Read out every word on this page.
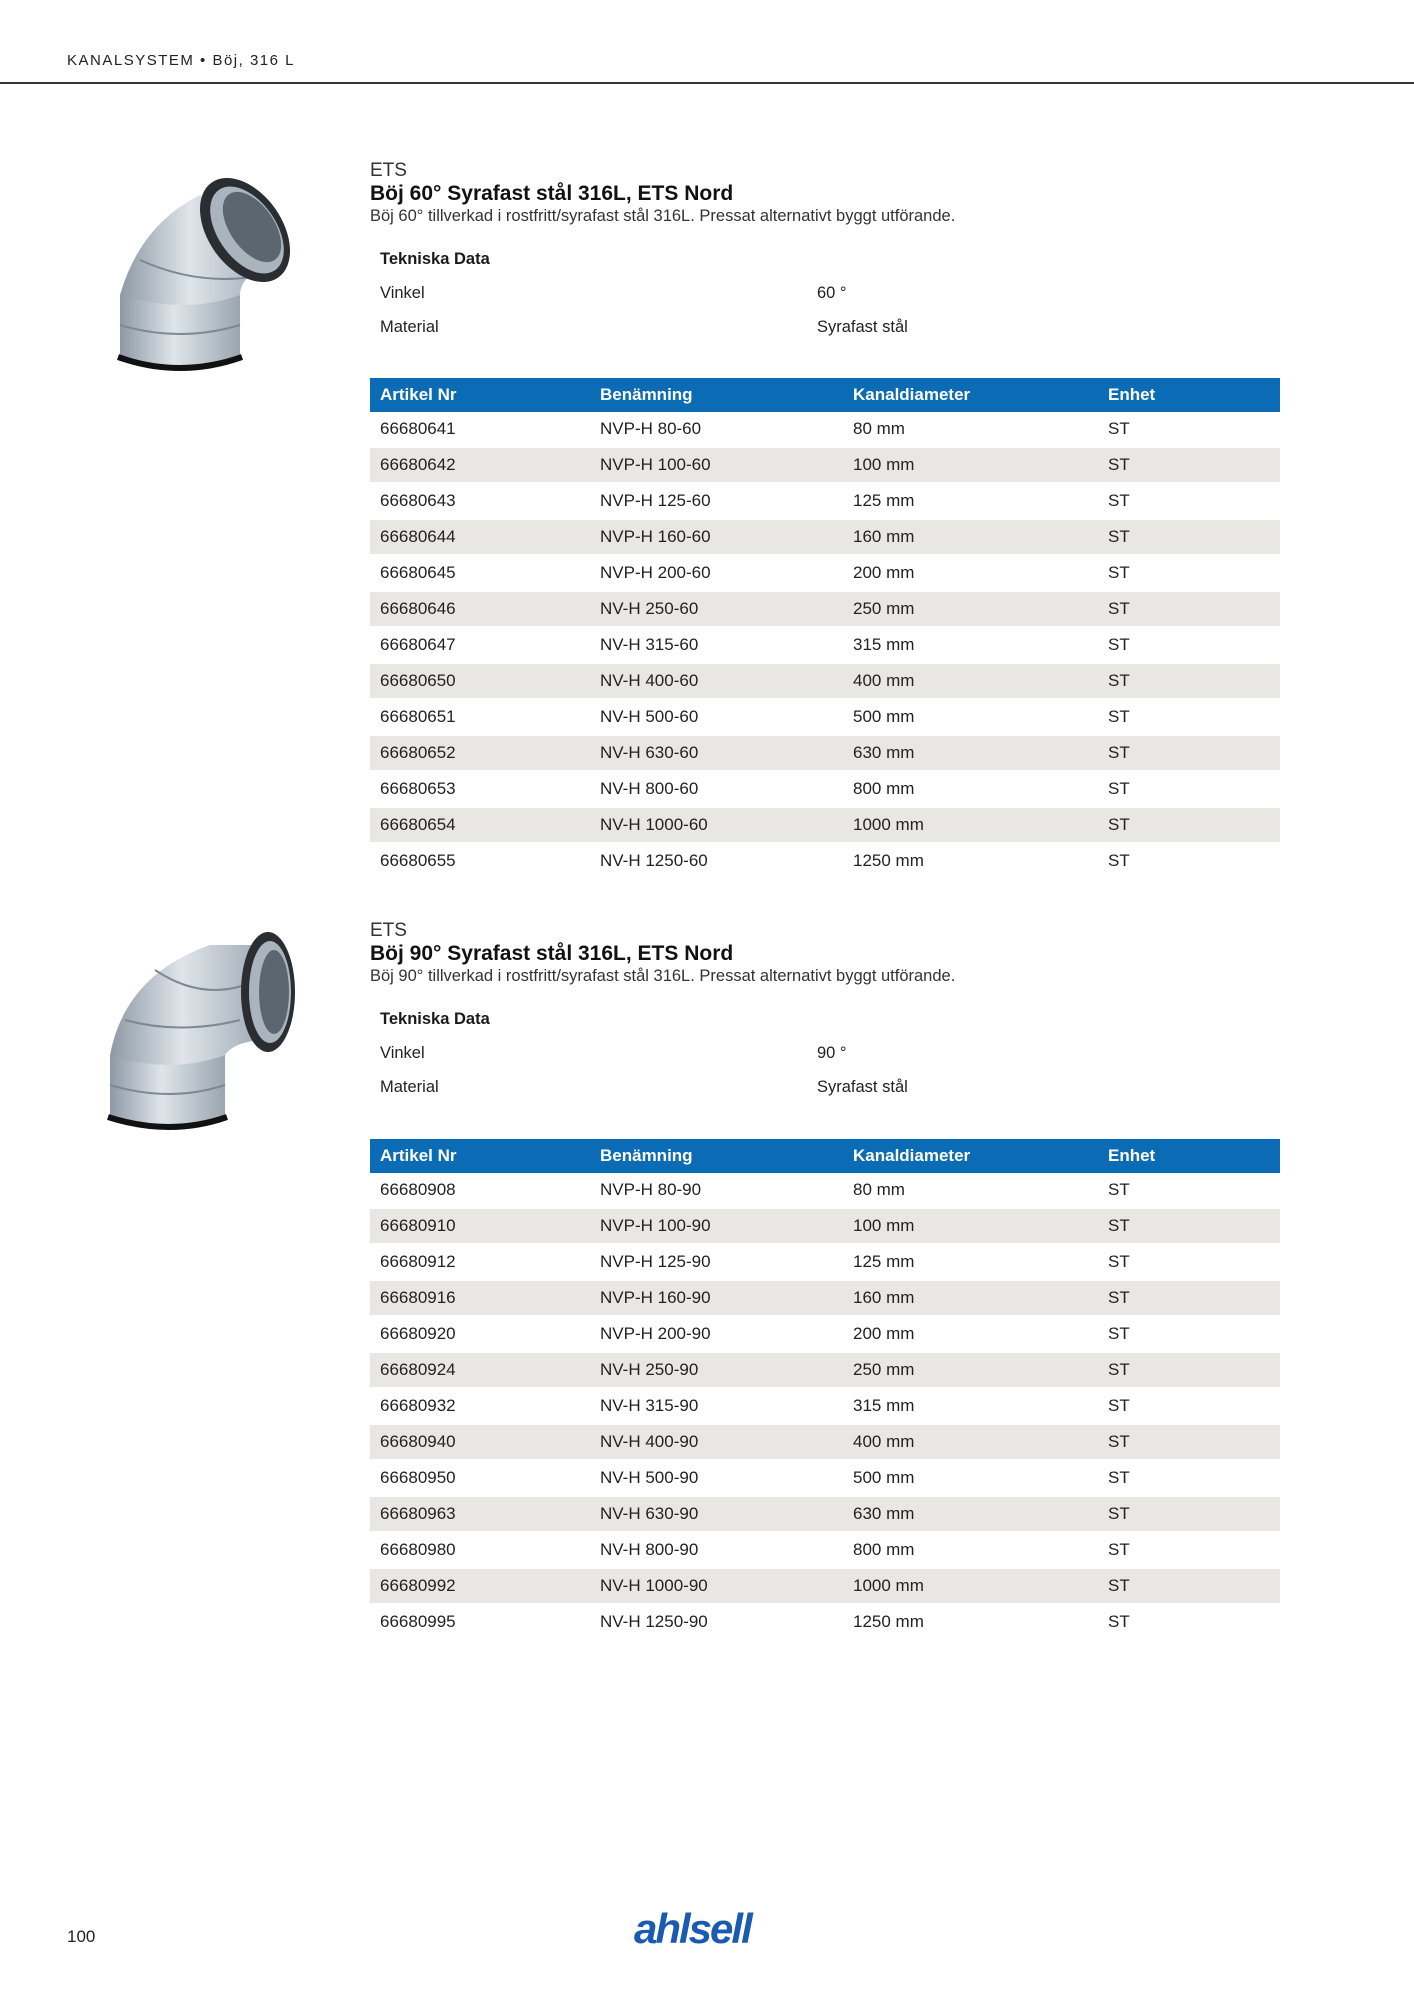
KANALSYSTEM • Böj, 316 L
ETS
Böj 60° Syrafast stål 316L, ETS Nord
Böj 60° tillverkad i rostfritt/syrafast stål 316L. Pressat alternativt byggt utförande.
Tekniska Data
Vinkel	60 °
Material	Syrafast stål
Artikel Nr	Benämning	Kanaldiameter	Enhet
66680641	NVP-H 80-60	80 mm	ST
66680642	NVP-H 100-60	100 mm	ST
66680643	NVP-H 125-60	125 mm	ST
66680644	NVP-H 160-60	160 mm	ST
66680645	NVP-H 200-60	200 mm	ST
66680646	NV-H 250-60	250 mm	ST
66680647	NV-H 315-60	315 mm	ST
66680650	NV-H 400-60	400 mm	ST
66680651	NV-H 500-60	500 mm	ST
66680652	NV-H 630-60	630 mm	ST
66680653	NV-H 800-60	800 mm	ST
66680654	NV-H 1000-60	1000 mm	ST
66680655	NV-H 1250-60	1250 mm	ST
ETS
Böj 90° Syrafast stål 316L, ETS Nord
Böj 90° tillverkad i rostfritt/syrafast stål 316L. Pressat alternativt byggt utförande.
Tekniska Data
Vinkel	90 °
Material	Syrafast stål
Artikel Nr	Benämning	Kanaldiameter	Enhet
66680908	NVP-H 80-90	80 mm	ST
66680910	NVP-H 100-90	100 mm	ST
66680912	NVP-H 125-90	125 mm	ST
66680916	NVP-H 160-90	160 mm	ST
66680920	NVP-H 200-90	200 mm	ST
66680924	NV-H 250-90	250 mm	ST
66680932	NV-H 315-90	315 mm	ST
66680940	NV-H 400-90	400 mm	ST
66680950	NV-H 500-90	500 mm	ST
66680963	NV-H 630-90	630 mm	ST
66680980	NV-H 800-90	800 mm	ST
66680992	NV-H 1000-90	1000 mm	ST
66680995	NV-H 1250-90	1250 mm	ST
100	ahlsell
